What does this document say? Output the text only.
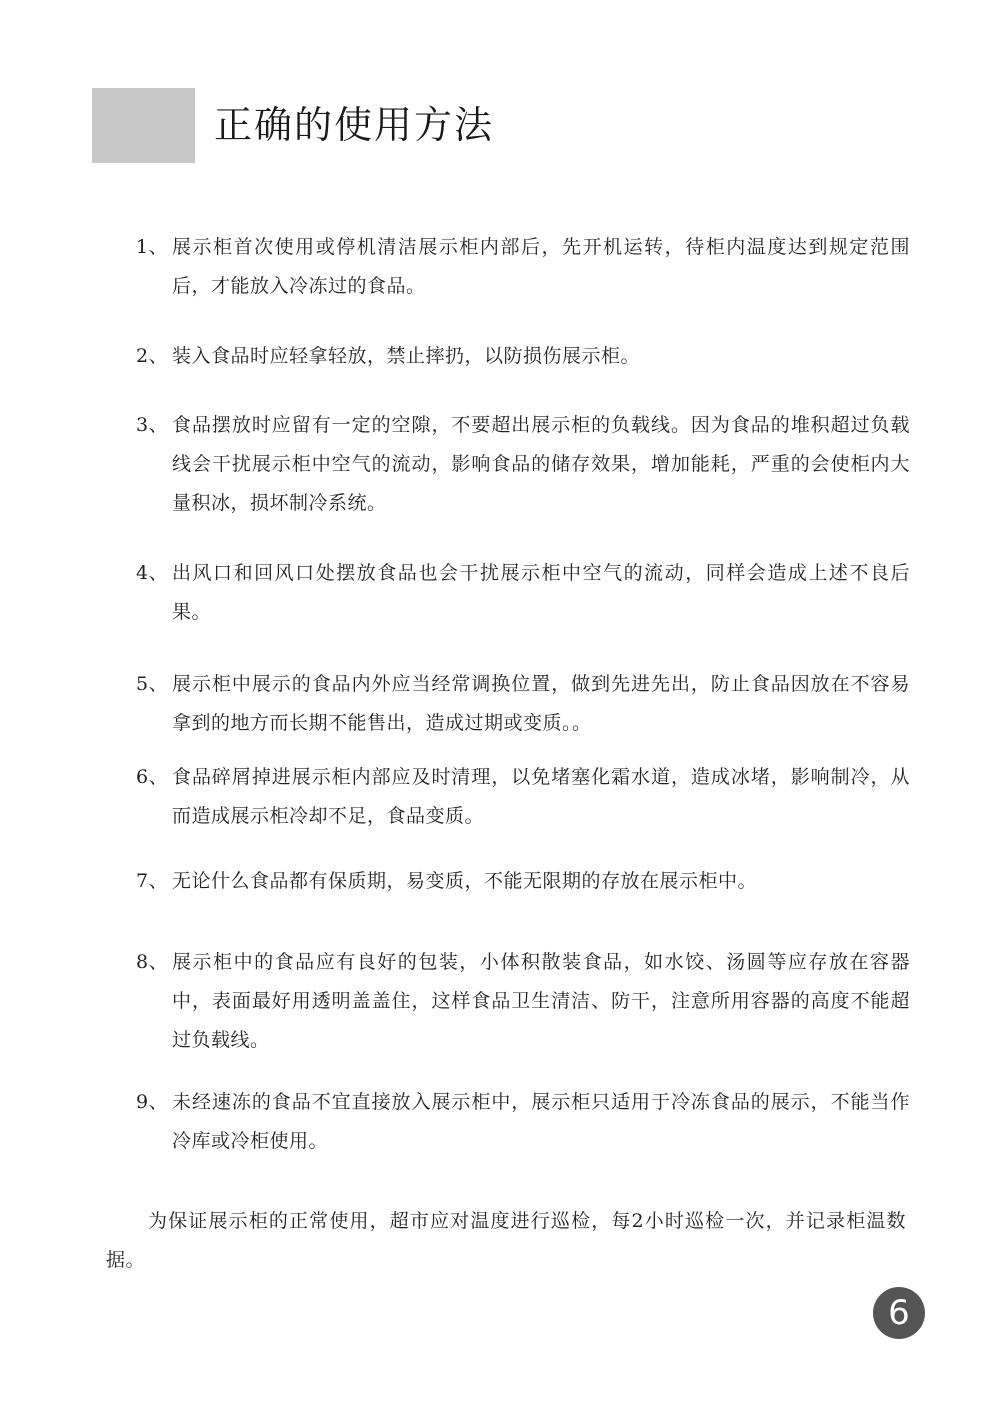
正确的使用方法
1、 展示柜首次使用或停机清洁展示柜内部后，先开机运转，待柜内温度达到规定范围后，才能放入冷冻过的食品。
2、 装入食品时应轻拿轻放，禁止摔扔，以防损伤展示柜。
3、 食品摆放时应留有一定的空隙，不要超出展示柜的负载线。因为食品的堆积超过负载线会干扰展示柜中空气的流动，影响食品的储存效果，增加能耗，严重的会使柜内大量积冰，损坏制冷系统。
4、 出风口和回风口处摆放食品也会干扰展示柜中空气的流动，同样会造成上述不良后果。
5、 展示柜中展示的食品内外应当经常调换位置，做到先进先出，防止食品因放在不容易拿到的地方而长期不能售出，造成过期或变质。。
6、 食品碎屑掉进展示柜内部应及时清理，以免堵塞化霜水道，造成冰堵，影响制冷，从而造成展示柜冷却不足，食品变质。
7、 无论什么食品都有保质期，易变质，不能无限期的存放在展示柜中。
8、 展示柜中的食品应有良好的包装，小体积散装食品，如水饺、汤圆等应存放在容器中，表面最好用透明盖盖住，这样食品卫生清洁、防干，注意所用容器的高度不能超过负载线。
9、 未经速冻的食品不宜直接放入展示柜中，展示柜只适用于冷冻食品的展示，不能当作冷库或冷柜使用。
为保证展示柜的正常使用，超市应对温度进行巡检，每2小时巡检一次，并记录柜温数据。
6
